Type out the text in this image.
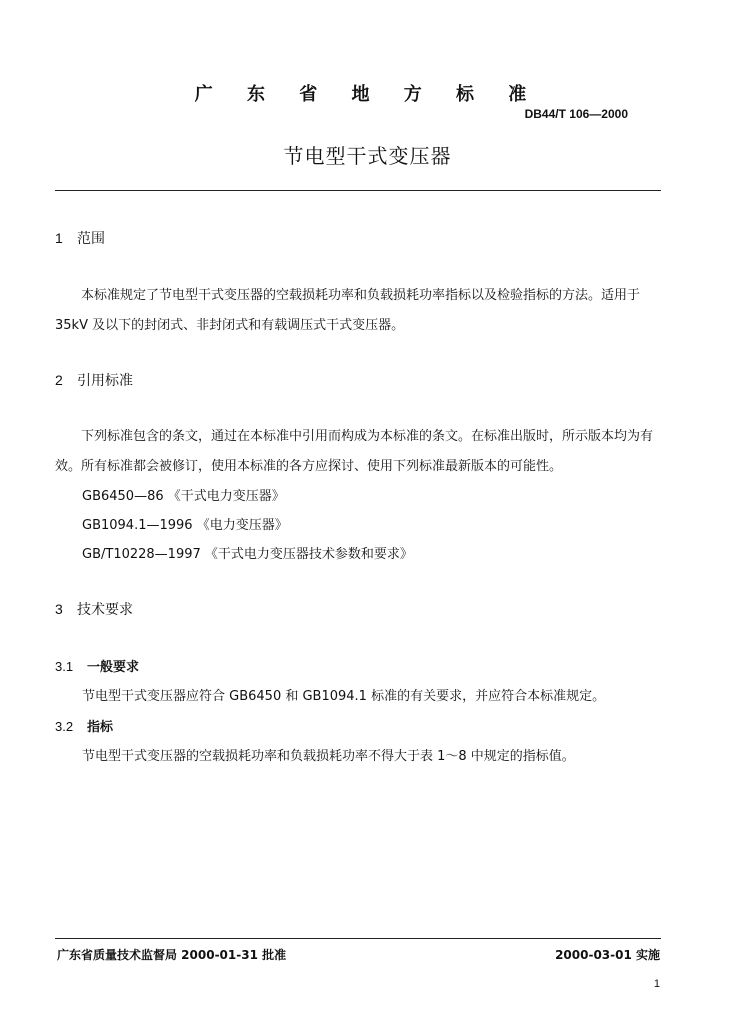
广 东 省 地 方 标 准
DB44/T 106—2000
节电型干式变压器
1 范围
本标准规定了节电型干式变压器的空载损耗功率和负载损耗功率指标以及检验指标的方法。适用于 35kV 及以下的封闭式、非封闭式和有载调压式干式变压器。
2 引用标准
下列标准包含的条文，通过在本标准中引用而构成为本标准的条文。在标准出版时，所示版本均为有效。所有标准都会被修订，使用本标准的各方应探讨、使用下列标准最新版本的可能性。
GB6450—86 《干式电力变压器》
GB1094.1—1996 《电力变压器》
GB/T10228—1997 《干式电力变压器技术参数和要求》
3 技术要求
3.1 一般要求
节电型干式变压器应符合 GB6450 和 GB1094.1 标准的有关要求，并应符合本标准规定。
3.2 指标
节电型干式变压器的空载损耗功率和负载损耗功率不得大于表 1～8 中规定的指标值。
广东省质量技术监督局 2000-01-31 批准	2000-03-01 实施
1
